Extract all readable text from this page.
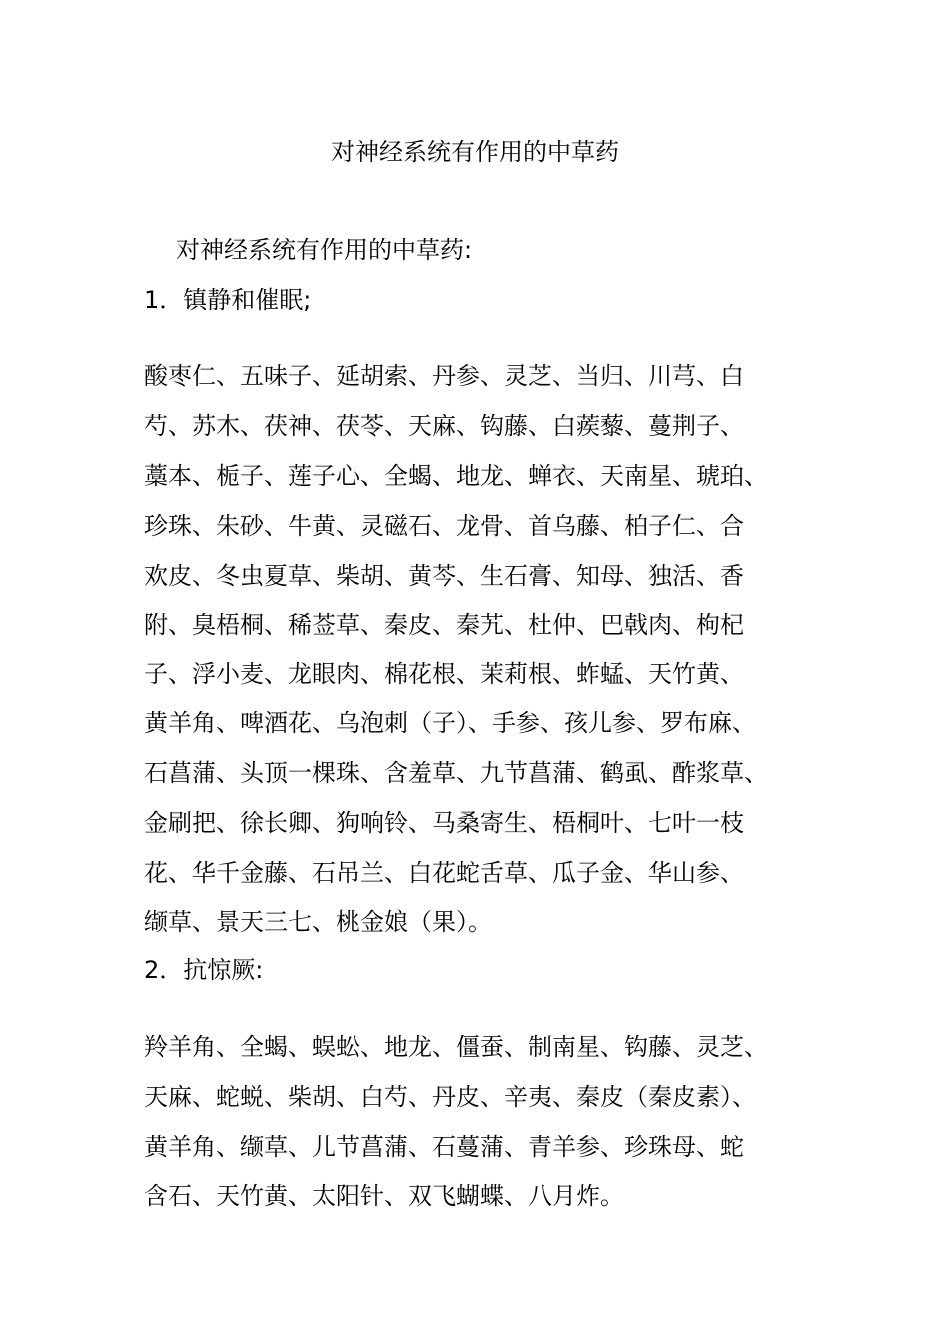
对神经系统有作用的中草药
对神经系统有作用的中草药:
1．镇静和催眠;
酸枣仁、五味子、延胡索、丹参、灵芝、当归、川芎、白
芍、苏木、茯神、茯苓、天麻、钩藤、白蒺藜、蔓荆子、
藁本、栀子、莲子心、全蝎、地龙、蝉衣、天南星、琥珀、
珍珠、朱砂、牛黄、灵磁石、龙骨、首乌藤、柏子仁、合
欢皮、冬虫夏草、柴胡、黄芩、生石膏、知母、独活、香
附、臭梧桐、稀莶草、秦皮、秦艽、杜仲、巴戟肉、枸杞
子、浮小麦、龙眼肉、棉花根、茉莉根、蚱蜢、天竹黄、
黄羊角、啤酒花、乌泡刺（子）、手参、孩儿参、罗布麻、
石菖蒲、头顶一棵珠、含羞草、九节菖蒲、鹤虱、酢浆草、
金刷把、徐长卿、狗响铃、马桑寄生、梧桐叶、七叶一枝
花、华千金藤、石吊兰、白花蛇舌草、瓜子金、华山参、
缬草、景天三七、桃金娘（果）。
2．抗惊厥:
羚羊角、全蝎、蜈蚣、地龙、僵蚕、制南星、钩藤、灵芝、
天麻、蛇蜕、柴胡、白芍、丹皮、辛夷、秦皮（秦皮素）、
黄羊角、缬草、儿节菖蒲、石蔓蒲、青羊参、珍珠母、蛇
含石、天竹黄、太阳针、双飞蝴蝶、八月炸。
